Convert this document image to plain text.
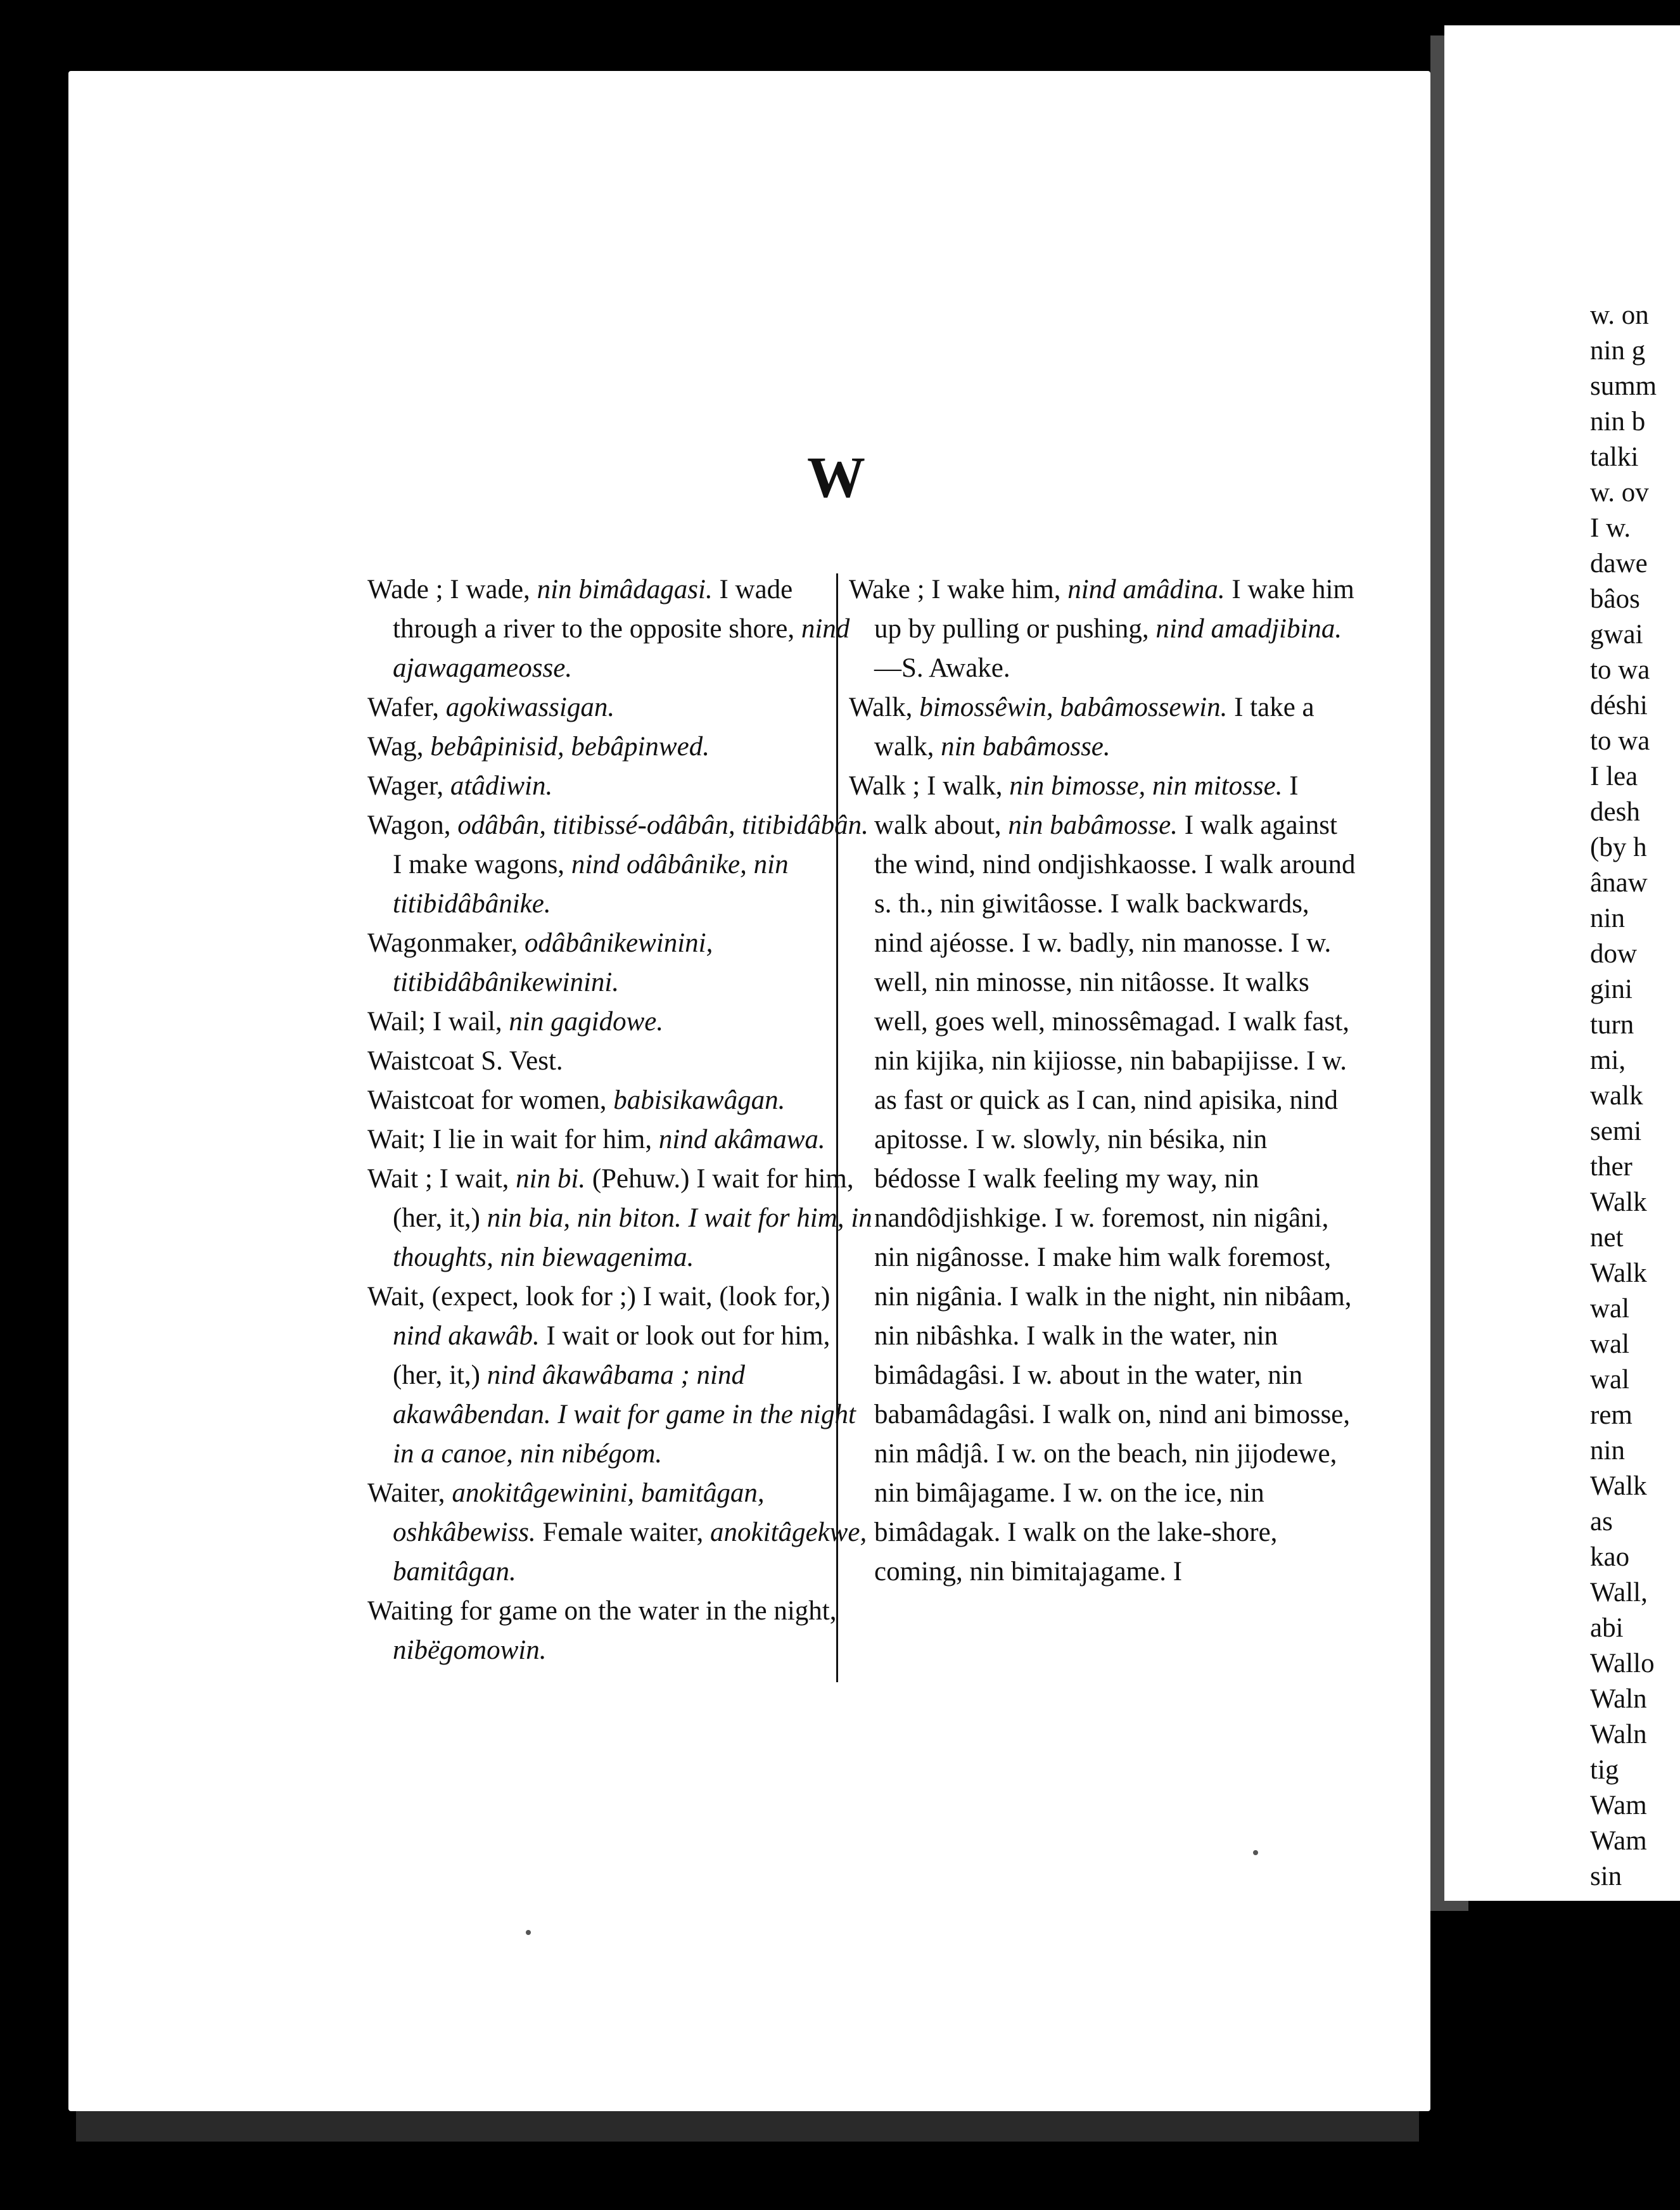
W
Wade ; I wade, nin bimâdagasi. I wade through a river to the opposite shore, nind ajawagameosse.
Wafer, agokiwassigan.
Wag, bebâpinisid, bebâpinwed.
Wager, atâdiwin.
Wagon, odâbân, titibissé-odâbân, titibidâbân. I make wagons, nind odâbânike, nin titibidâbânike.
Wagonmaker, odâbânikewinini, titibidâbânikewinini.
Wail; I wail, nin gagidowe.
Waistcoat S. Vest.
Waistcoat for women, babisikawâgan.
Wait; I lie in wait for him, nind akâmawa.
Wait ; I wait, nin bi. (Pehuw.) I wait for him, (her, it,) nin bia, nin biton. I wait for him, in thoughts, nin biewagenima.
Wait, (expect, look for ;) I wait, (look for,) nind akawâb. I wait or look out for him, (her, it,) nind âkawâbama ; nind akawâbendan. I wait for game in the night in a canoe, nin nibégom.
Waiter, anokitâgewinini, bamitâgan, oshkâbewiss. Female waiter, anokitâgekwe, bamitâgan.
Waiting for game on the water in the night, nibëgomowin.
Wake ; I wake him, nind amâdina. I wake him up by pulling or pushing, nind amadjibina.—S. Awake.
Walk, bimossêwin, babâmossewin. I take a walk, nin babâmosse.
Walk ; I walk, nin bimosse, nin mitosse. I walk about, nin babâmosse. I walk against the wind, nind ondjishkaosse. I walk around s. th., nin giwitâosse. I walk backwards, nind ajéosse. I w. badly, nin manosse. I w. well, nin minosse, nin nitâosse. It walks well, goes well, minossêmagad. I walk fast, nin kijika, nin kijiosse, nin babapijisse. I w. as fast or quick as I can, nind apisika, nind apitosse. I w. slowly, nin bésika, nin bédosse I walk feeling my way, nin nandôdjishkige. I w. foremost, nin nigâni, nin nigânosse. I make him walk foremost, nin nigânia. I walk in the night, nin nibâam, nin nibâshka. I walk in the water, nin bimâdagâsi. I w. about in the water, nin babamâdagâsi. I walk on, nind ani bimosse, nin mâdjâ. I w. on the beach, nin jijodewe, nin bimâjagame. I w. on the ice, nin bimâdagak. I walk on the lake-shore, coming, nin bimitajagame. I
w. on
nin g
summ
nin b
talki
w. ov
I w.
dawe
bâos
gwai
to wa
déshi
to wa
I lea
desh
(by h
ânaw
nin
dow
gini
turn
mi,
walk
semi
ther
Walk
net
Walk
wal
wal
wal
rem
nin
Walk
as
kao
Wall,
abi
Wallo
Waln
Waln
tig
Wam
Wam
sin
